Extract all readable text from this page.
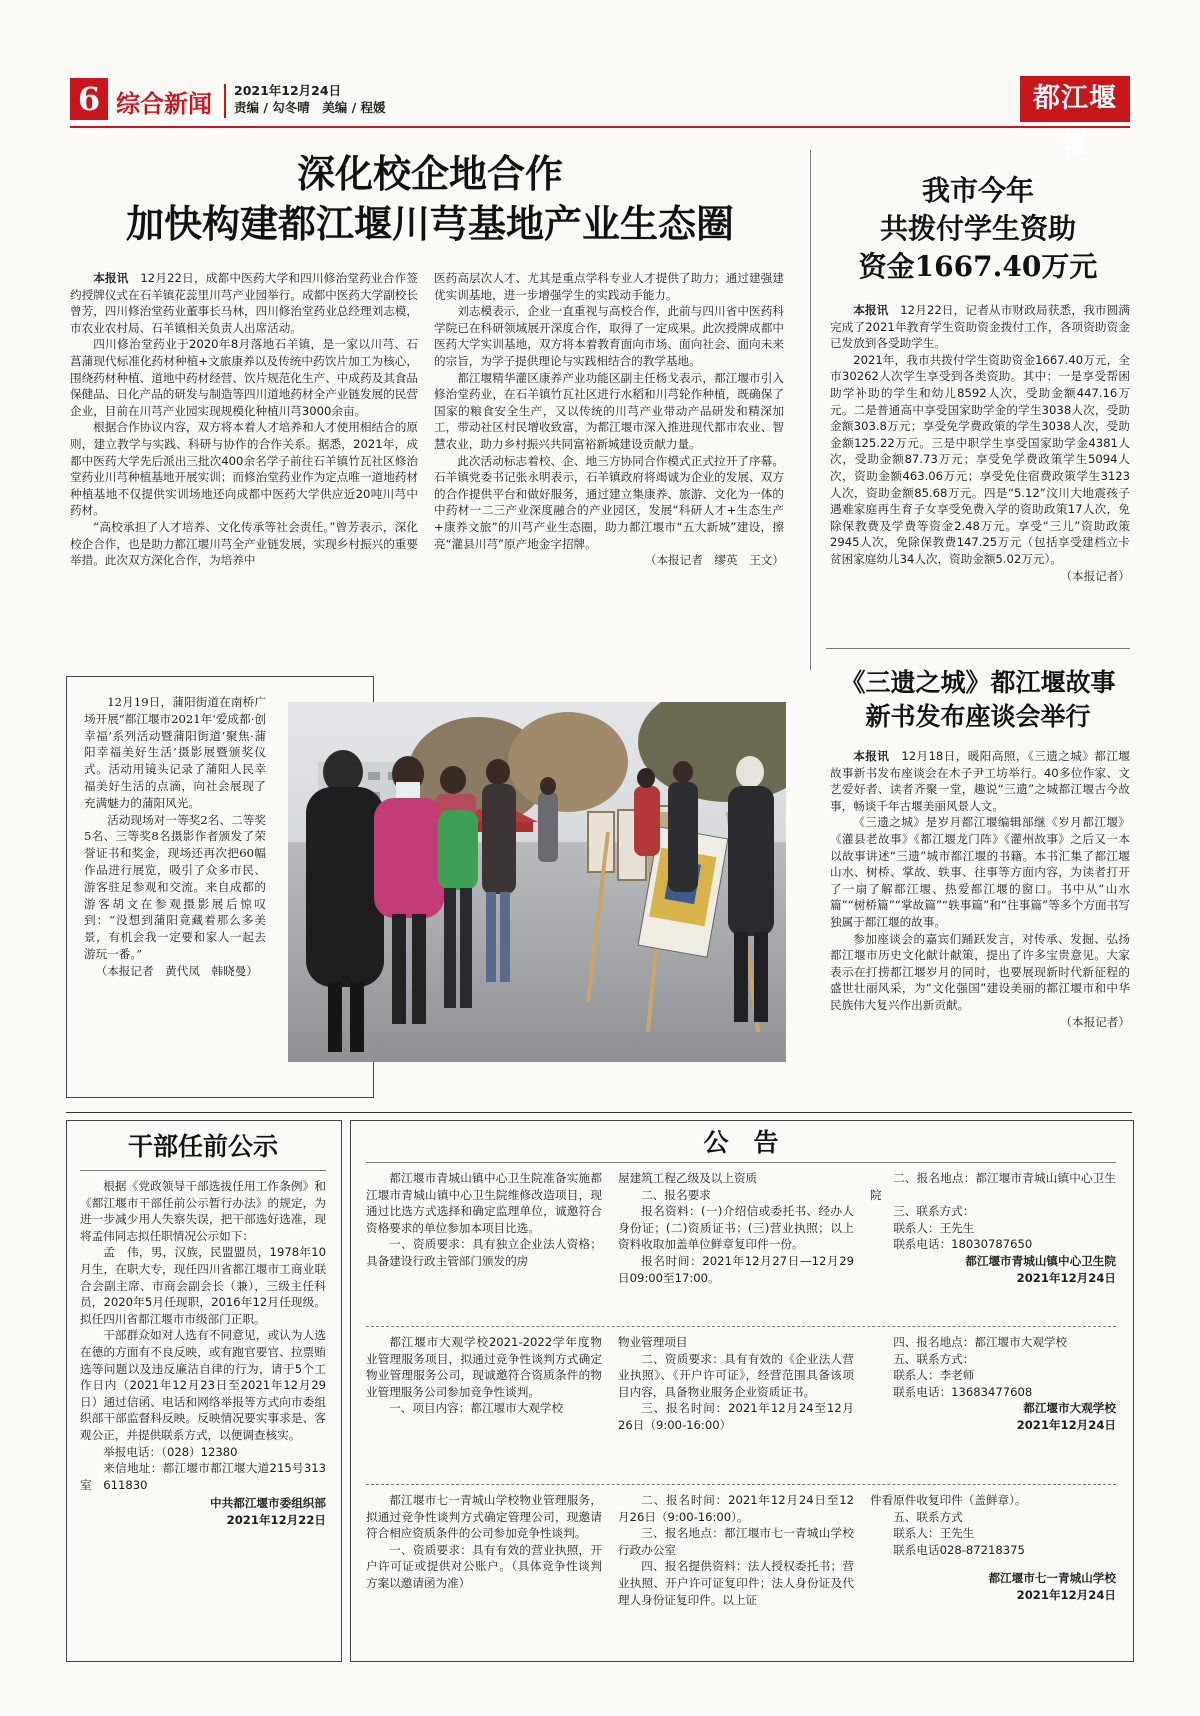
6 综合新闻 2021年12月24日
责编 / 勾冬晴　美编 / 程媛	都江堰報
深化校企地合作
加快构建都江堰川芎基地产业生态圈

本报讯　 12月22日，成都中医药大学和四川修治堂药业合作签约授牌仪式在石羊镇花蕊里川芎产业园举行。成都中医药大学副校长曾芳，四川修治堂药业董事长马林，四川修治堂药业总经理刘志模，市农业农村局、石羊镇相关负责人出席活动。

四川修治堂药业于2020年8月落地石羊镇，是一家以川芎、石菖蒲现代标准化药材种植+文旅康养以及传统中药饮片加工为核心，围绕药材种植、道地中药材经营、饮片规范化生产、中成药及其食品保健品、日化产品的研发与制造等四川道地药材全产业链发展的民营企业，目前在川芎产业园实现规模化种植川芎3000余亩。

根据合作协议内容，双方将本着人才培养和人才使用相结合的原则，建立教学与实践、科研与协作的合作关系。据悉，2021年，成都中医药大学先后派出三批次400余名学子前往石羊镇竹瓦社区修治堂药业川芎种植基地开展实训；而修治堂药业作为定点唯一道地药材种植基地不仅提供实训场地还向成都中医药大学供应近20吨川芎中药材。

“高校承担了人才培养、文化传承等社会责任。”曾芳表示，深化校企合作，也是助力都江堰川芎全产业链发展，实现乡村振兴的重要举措。此次双方深化合作，为培养中

医药高层次人才、尤其是重点学科专业人才提供了助力；通过建强建优实训基地，进一步增强学生的实践动手能力。

刘志模表示，企业一直重视与高校合作，此前与四川省中医药科学院已在科研领域展开深度合作，取得了一定成果。此次授牌成都中医药大学实训基地，双方将本着教育面向市场、面向社会、面向未来的宗旨，为学子提供理论与实践相结合的教学基地。

都江堰精华灌区康养产业功能区副主任杨戈表示，都江堰市引入修治堂药业，在石羊镇竹瓦社区进行水稻和川芎轮作种植，既确保了国家的粮食安全生产，又以传统的川芎产业带动产品研发和精深加工，带动社区村民增收致富，为都江堰市深入推进现代都市农业、智慧农业，助力乡村振兴共同富裕新城建设贡献力量。

此次活动标志着校、企、地三方协同合作模式正式拉开了序幕。石羊镇党委书记张永明表示，石羊镇政府将竭诚为企业的发展、双方的合作提供平台和做好服务，通过建立集康养、旅游、文化为一体的中药材一二三产业深度融合的产业园区，发展“科研人才+生态生产+康养文旅”的川芎产业生态圈，助力都江堰市“五大新城”建设，擦亮“灌县川芎”原产地金字招牌。

（本报记者　缪英　王文）
我市今年
共拨付学生资助
资金1667.40万元

本报讯　 12月22日，记者从市财政局获悉，我市圆满完成了2021年教育学生资助资金拨付工作，各项资助资金已发放到各受助学生。

2021年，我市共拨付学生资助资金1667.40万元，全市30262人次学生享受到各类资助。其中：一是享受帮困助学补助的学生和幼儿8592人次，受助金额447.16万元。二是普通高中享受国家助学金的学生3038人次，受助金额303.8万元；享受免学费政策的学生3038人次，受助金额125.22万元。三是中职学生享受国家助学金4381人次，受助金额87.73万元；享受免学费政策学生5094人次，资助金额463.06万元；享受免住宿费政策学生3123人次，资助金额85.68万元。四是“5.12”汶川大地震孩子遇难家庭再生育子女享受免费入学的资助政策17人次，免除保教费及学费等资金2.48万元。享受“三儿”资助政策2945人次，免除保教费147.25万元（包括享受建档立卡贫困家庭幼儿34人次，资助金额5.02万元）。

（本报记者）
《三遗之城》都江堰故事
新书发布座谈会举行

本报讯　 12月18日，暖阳高照，《三遗之城》都江堰故事新书发布座谈会在木子尹工坊举行。40多位作家、文艺爱好者、读者齐聚一堂，趣说“三遗”之城都江堰古今故事，畅谈千年古堰美丽风景人文。

《三遗之城》是岁月都江堰编辑部继《岁月都江堰》《灌县老故事》《都江堰龙门阵》《灌州故事》之后又一本以故事讲述“三遗”城市都江堰的书籍。本书汇集了都江堰山水、树桥、掌故、轶事、往事等方面内容，为读者打开了一扇了解都江堰、热爱都江堰的窗口。书中从“山水篇”“树桥篇”“掌故篇”“轶事篇”和“往事篇”等多个方面书写独属于都江堰的故事。

参加座谈会的嘉宾们踊跃发言，对传承、发掘、弘扬都江堰市历史文化献计献策，提出了许多宝贵意见。大家表示在打捞都江堰岁月的同时，也要展现新时代新征程的盛世壮丽风采，为“文化强国”建设美丽的都江堰市和中华民族伟大复兴作出新贡献。

（本报记者）

12月19日，蒲阳街道在南桥广场开展“都江堰市2021年‘爱成都·创幸福’系列活动暨蒲阳街道‘聚焦·蒲阳幸福美好生活’摄影展暨颁奖仪式。活动用镜头记录了蒲阳人民幸福美好生活的点滴，向社会展现了充满魅力的蒲阳风光。

活动现场对一等奖2名、二等奖5名、三等奖8名摄影作者颁发了荣誉证书和奖金，现场还再次把60幅作品进行展览，吸引了众多市民、游客驻足参观和交流。来自成都的游客胡文在参观摄影展后惊叹到：“没想到蒲阳竟藏着那么多美景，有机会我一定要和家人一起去游玩一番。”

（本报记者　黄代凤　韩晓曼）

干部任前公示

根据《党政领导干部选拔任用工作条例》和《都江堰市干部任前公示暂行办法》的规定，为进一步减少用人失察失误，把干部选好选准，现将孟伟同志拟任职情况公示如下：

孟　伟，男，汉族，民盟盟员，1978年10月生，在职大专，现任四川省都江堰市工商业联合会副主席、市商会副会长（兼），三级主任科员，2020年5月任现职，2016年12月任现级。拟任四川省都江堰市市级部门正职。

干部群众如对人选有不同意见，或认为人选在德的方面有不良反映，或有跑官要官、拉票贿选等问题以及违反廉洁自律的行为，请于5个工作日内（2021年12月23日至2021年12月29日）通过信函、电话和网络举报等方式向市委组织部干部监督科反映。反映情况要实事求是、客观公正，并提供联系方式，以便调查核实。

举报电话：（028）12380

来信地址：都江堰市都江堰大道215号313室　611830

中共都江堰市委组织部
2021年12月22日
公　告

都江堰市青城山镇中心卫生院准备实施都江堰市青城山镇中心卫生院维修改造项目，现通过比选方式选择和确定监理单位，诚邀符合资格要求的单位参加本项目比选。

一、资质要求：具有独立企业法人资格；具备建设行政主管部门颁发的房

屋建筑工程乙级及以上资质

二、报名要求

报名资料：(一)介绍信或委托书、经办人身份证；(二)资质证书；(三)营业执照；以上资料收取加盖单位鲜章复印件一份。

报名时间：2021年12月27日—12月29日09:00至17:00。

二、报名地点：都江堰市青城山镇中心卫生院

三、联系方式：

联系人：王先生

联系电话：18030787650

都江堰市青城山镇中心卫生院
2021年12月24日

都江堰市大观学校2021-2022学年度物业管理服务项目，拟通过竞争性谈判方式确定物业管理服务公司，现诚邀符合资质条件的物业管理服务公司参加竞争性谈判。

一、项目内容：都江堰市大观学校

物业管理项目

二、资质要求：具有有效的《企业法人营业执照》、《开户许可证》，经营范围具备该项目内容，具备物业服务企业资质证书。

三、报名时间：2021年12月24至12月26日（9:00-16:00）

四、报名地点：都江堰市大观学校

五、联系方式：

联系人：李老师

联系电话：13683477608

都江堰市大观学校
2021年12月24日

都江堰市七一青城山学校物业管理服务，拟通过竞争性谈判方式确定管理公司，现邀请符合相应资质条件的公司参加竞争性谈判。

一、资质要求：具有有效的营业执照，开户许可证或提供对公账户。（具体竞争性谈判方案以邀请函为准）

二、报名时间：2021年12月24日至12月26日（9:00-16:00）。

三、报名地点：都江堰市七一青城山学校行政办公室

四、报名提供资料：法人授权委托书；营业执照、开户许可证复印件；法人身份证及代理人身份证复印件。以上证

件看原件收复印件（盖鲜章）。

五、联系方式

联系人：王先生

联系电话028-87218375

都江堰市七一青城山学校
2021年12月24日
